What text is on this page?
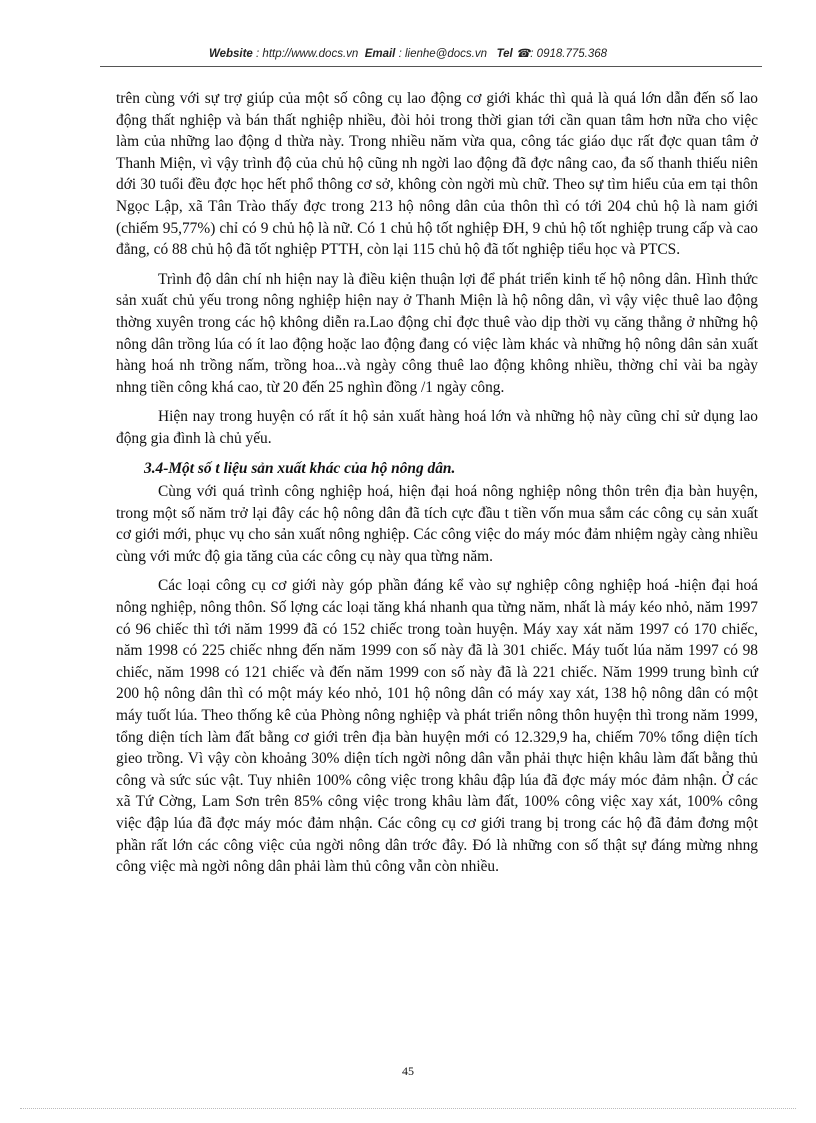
Website : http://www.docs.vn Email : lienhe@docs.vn Tel ☎: 0918.775.368

trên cùng với sự trợ giúp của một số công cụ lao động cơ giới khác thì quả là quá lớn dẫn đến số lao động thất nghiệp và bán thất nghiệp nhiều, đòi hỏi trong thời gian tới cần quan tâm hơn nữa cho việc làm của những lao động d thừa này. Trong nhiều năm vừa qua, công tác giáo dục rất đợc quan tâm ở Thanh Miện, vì vậy trình độ của chủ hộ cũng nh ngời lao động đã đợc nâng cao, đa số thanh thiếu niên dới 30 tuổi đều đợc học hết phổ thông cơ sở, không còn ngời mù chữ. Theo sự tìm hiểu của em tại thôn Ngọc Lập, xã Tân Trào thấy đợc trong 213 hộ nông dân của thôn thì có tới 204 chủ hộ là nam giới (chiếm 95,77%) chỉ có 9 chủ hộ là nữ. Có 1 chủ hộ tốt nghiệp ĐH, 9 chủ hộ tốt nghiệp trung cấp và cao đẳng, có 88 chủ hộ đã tốt nghiệp PTTH, còn lại 115 chủ hộ đã tốt nghiệp tiểu học và PTCS.

Trình độ dân chí nh hiện nay là điều kiện thuận lợi để phát triển kinh tế hộ nông dân. Hình thức sản xuất chủ yếu trong nông nghiệp hiện nay ở Thanh Miện là hộ nông dân, vì vậy việc thuê lao động thờng xuyên trong các hộ không diễn ra.Lao động chỉ đợc thuê vào dịp thời vụ căng thẳng ở những hộ nông dân trồng lúa có ít lao động hoặc lao động đang có việc làm khác và những hộ nông dân sản xuất hàng hoá nh trồng nấm, trồng hoa...và ngày công thuê lao động không nhiều, thờng chỉ vài ba ngày nhng tiền công khá cao, từ 20 đến 25 nghìn đồng /1 ngày công.

Hiện nay trong huyện có rất ít hộ sản xuất hàng hoá lớn và những hộ này cũng chỉ sử dụng lao động gia đình là chủ yếu.

3.4-Một số t liệu sản xuất khác của hộ nông dân.

Cùng với quá trình công nghiệp hoá, hiện đại hoá nông nghiệp nông thôn trên địa bàn huyện, trong một số năm trở lại đây các hộ nông dân đã tích cực đầu t tiền vốn mua sắm các công cụ sản xuất cơ giới mới, phục vụ cho sản xuất nông nghiệp. Các công việc do máy móc đảm nhiệm ngày càng nhiều cùng với mức độ gia tăng của các công cụ này qua từng năm.

Các loại công cụ cơ giới này góp phần đáng kể vào sự nghiệp công nghiệp hoá -hiện đại hoá nông nghiệp, nông thôn. Số lợng các loại tăng khá nhanh qua từng năm, nhất là máy kéo nhỏ, năm 1997 có 96 chiếc thì tới năm 1999 đã có 152 chiếc trong toàn huyện. Máy xay xát năm 1997 có 170 chiếc, năm 1998 có 225 chiếc nhng đến năm 1999 con số này đã là 301 chiếc. Máy tuốt lúa năm 1997 có 98 chiếc, năm 1998 có 121 chiếc và đến năm 1999 con số này đã là 221 chiếc. Năm 1999 trung bình cứ 200 hộ nông dân thì có một máy kéo nhỏ, 101 hộ nông dân có máy xay xát, 138 hộ nông dân có một máy tuốt lúa. Theo thống kê của Phòng nông nghiệp và phát triển nông thôn huyện thì trong năm 1999, tổng diện tích làm đất bằng cơ giới trên địa bàn huyện mới có 12.329,9 ha, chiếm 70% tổng diện tích gieo trồng. Vì vậy còn khoảng 30% diện tích ngời nông dân vẫn phải thực hiện khâu làm đất bằng thủ công và sức súc vật. Tuy nhiên 100% công việc trong khâu đập lúa đã đợc máy móc đảm nhận. Ở các xã Tứ Cờng, Lam Sơn trên 85% công việc trong khâu làm đất, 100% công việc xay xát, 100% công việc đập lúa đã đợc máy móc đảm nhận. Các công cụ cơ giới trang bị trong các hộ đã đảm đơng một phần rất lớn các công việc của ngời nông dân trớc đây. Đó là những con số thật sự đáng mừng nhng công việc mà ngời nông dân phải làm thủ công vẫn còn nhiều.

45
